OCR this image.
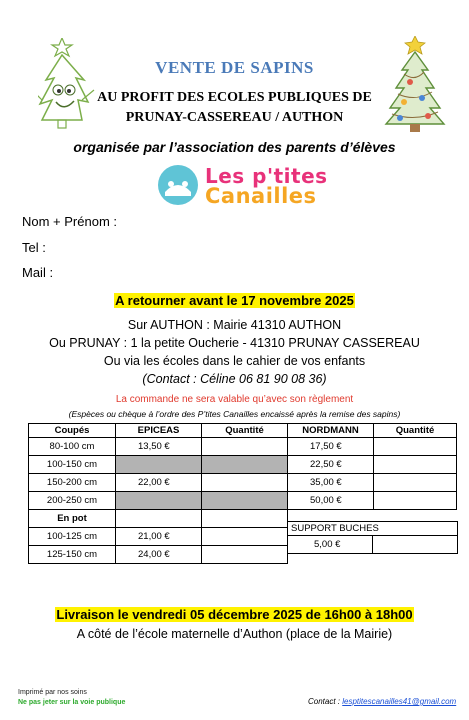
VENTE DE SAPINS
AU PROFIT DES ECOLES PUBLIQUES DE
PRUNAY-CASSEREAU / AUTHON
organisée par l’association des parents d’élèves
Les p'tites
Canailles
Nom + Prénom :
Tel :
Mail :
A retourner avant le 17 novembre 2025
Sur AUTHON : Mairie 41310 AUTHON
Ou PRUNAY : 1 la petite Oucherie - 41310 PRUNAY CASSEREAU
Ou via les écoles dans le cahier de vos enfants
(Contact : Céline 06 81 90 08 36)
La commande ne sera valable qu’avec son règlement
(Espèces ou chèque à l’ordre des P’tites Canailles encaissé après la remise des sapins)
Coupés	EPICEAS	Quantité	NORDMANN	Quantité
80-100 cm	13,50 €		17,50 €	
100-150 cm			22,50 €	
150-200 cm	22,00 €		35,00 €	
200-250 cm			50,00 €	
En pot				
100-125 cm	21,00 €			
125-150 cm	24,00 €			
SUPPORT BUCHES
5,00 €	
Livraison le vendredi 05 décembre 2025 de 16h00 à 18h00
A côté de l’école maternelle d’Authon (place de la Mairie)
Imprimé par nos soins
Ne pas jeter sur la voie publique	Contact : lesptitescanailles41@gmail.com
